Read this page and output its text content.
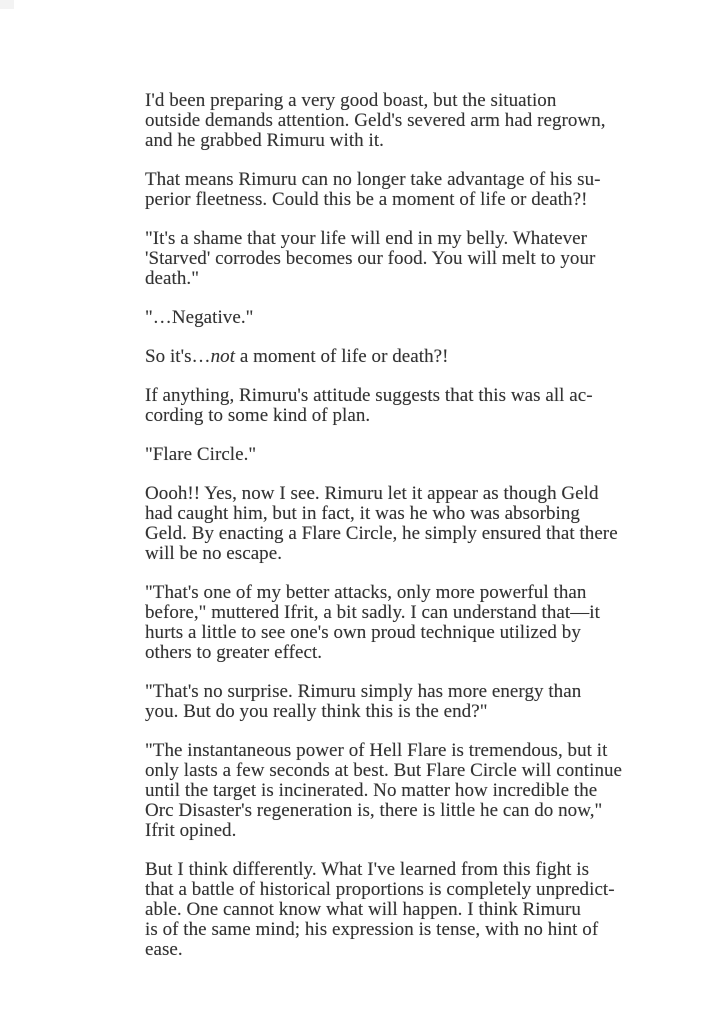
I'd been preparing a very good boast, but the situation
outside demands attention. Geld's severed arm had regrown,
and he grabbed Rimuru with it.

That means Rimuru can no longer take advantage of his su-
perior fleetness. Could this be a moment of life or death?!

"It's a shame that your life will end in my belly. Whatever
'Starved' corrodes becomes our food. You will melt to your
death."

"…Negative."

So it's…not a moment of life or death?!

If anything, Rimuru's attitude suggests that this was all ac-
cording to some kind of plan.

"Flare Circle."

Oooh!! Yes, now I see. Rimuru let it appear as though Geld
had caught him, but in fact, it was he who was absorbing
Geld. By enacting a Flare Circle, he simply ensured that there
will be no escape.

"That's one of my better attacks, only more powerful than
before," muttered Ifrit, a bit sadly. I can understand that—it
hurts a little to see one's own proud technique utilized by
others to greater effect.

"That's no surprise. Rimuru simply has more energy than
you. But do you really think this is the end?"

"The instantaneous power of Hell Flare is tremendous, but it
only lasts a few seconds at best. But Flare Circle will continue
until the target is incinerated. No matter how incredible the
Orc Disaster's regeneration is, there is little he can do now,"
Ifrit opined.

But I think differently. What I've learned from this fight is
that a battle of historical proportions is completely unpredict-
able. One cannot know what will happen. I think Rimuru
is of the same mind; his expression is tense, with no hint of
ease.
